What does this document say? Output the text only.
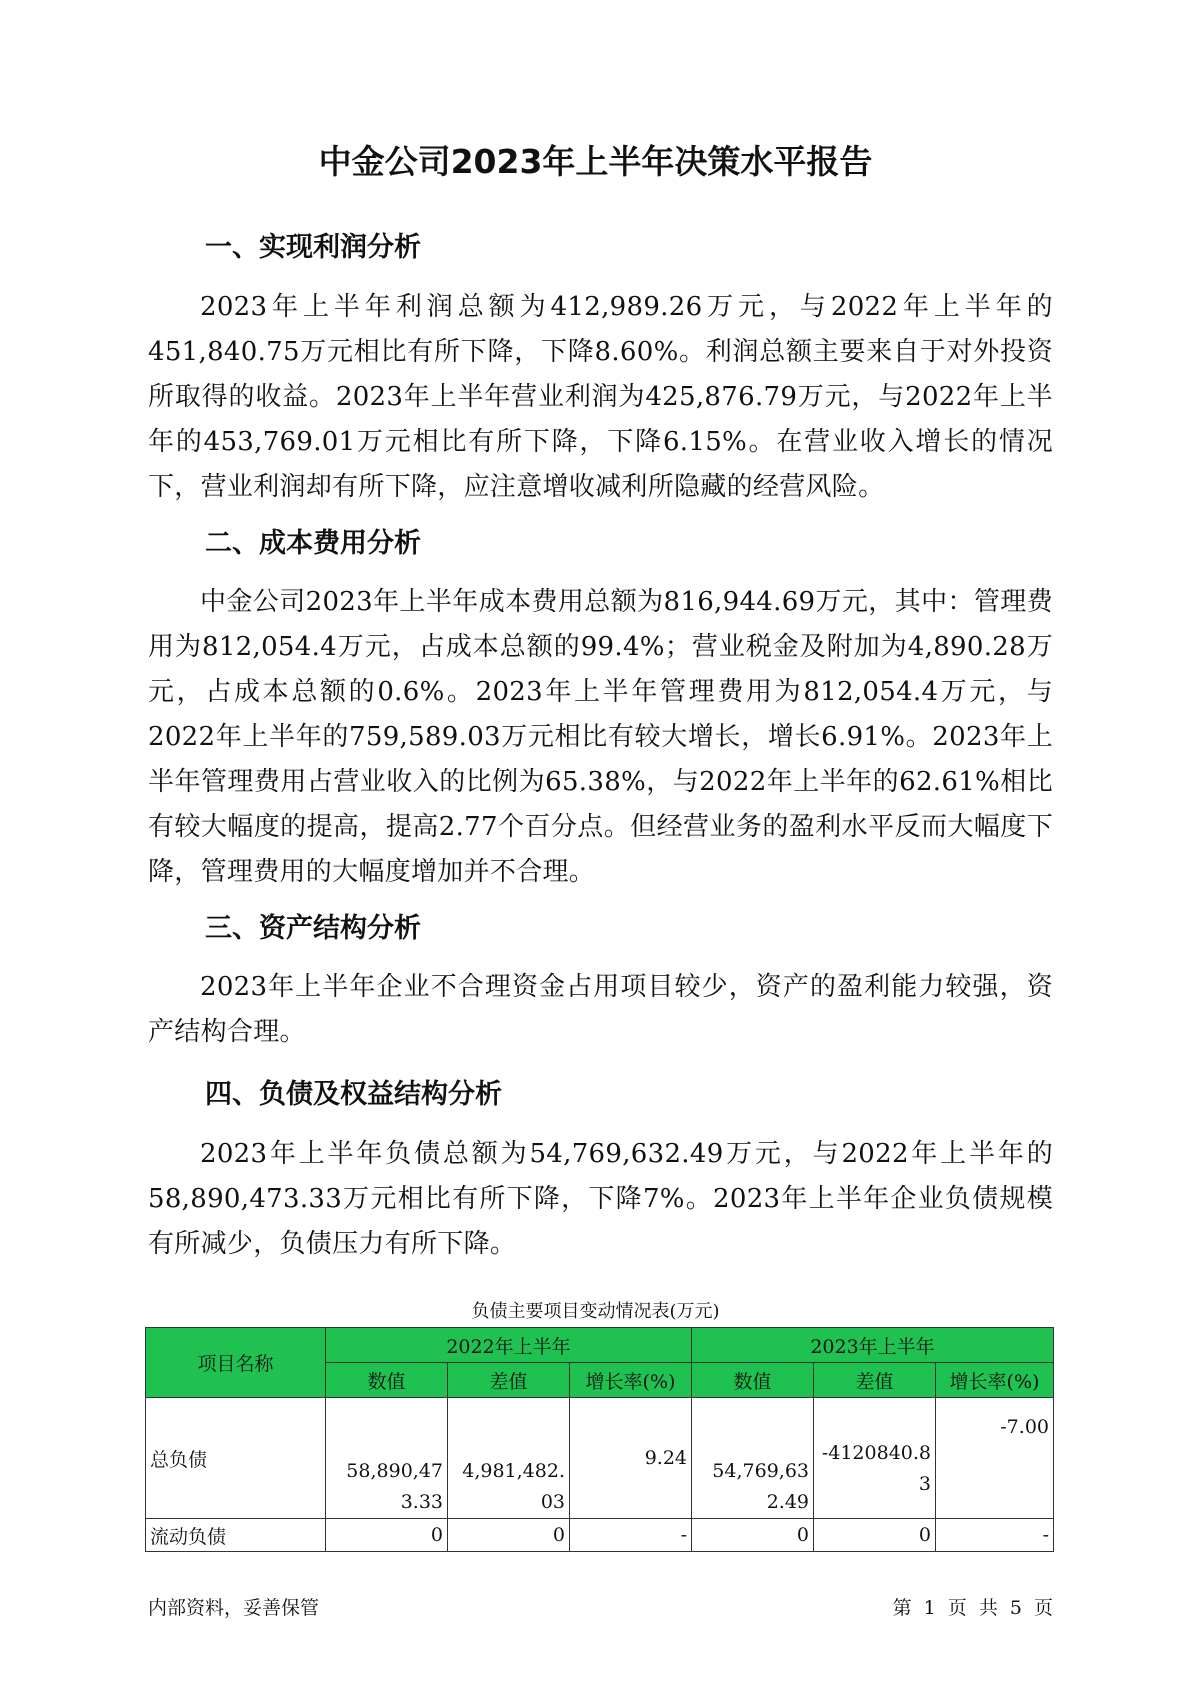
中金公司2023年上半年决策水平报告
一、实现利润分析

2023年上半年利润总额为412,989.26万元，与2022年上半年的451,840.75万元相比有所下降，下降8.60%。利润总额主要来自于对外投资所取得的收益。2023年上半年营业利润为425,876.79万元，与2022年上半年的453,769.01万元相比有所下降，下降6.15%。在营业收入增长的情况下，营业利润却有所下降，应注意增收减利所隐藏的经营风险。

二、成本费用分析

中金公司2023年上半年成本费用总额为816,944.69万元，其中：管理费用为812,054.4万元，占成本总额的99.4%；营业税金及附加为4,890.28万元，占成本总额的0.6%。2023年上半年管理费用为812,054.4万元，与2022年上半年的759,589.03万元相比有较大增长，增长6.91%。2023年上半年管理费用占营业收入的比例为65.38%，与2022年上半年的62.61%相比有较大幅度的提高，提高2.77个百分点。但经营业务的盈利水平反而大幅度下降，管理费用的大幅度增加并不合理。

三、资产结构分析

2023年上半年企业不合理资金占用项目较少，资产的盈利能力较强，资产结构合理。

四、负债及权益结构分析

2023年上半年负债总额为54,769,632.49万元，与2022年上半年的58,890,473.33万元相比有所下降，下降7%。2023年上半年企业负债规模有所减少，负债压力有所下降。

负债主要项目变动情况表(万元)
项目名称	2022年上半年			2023年上半年		
	数值	差值	增长率(%)	数值	差值	增长率(%)
总负债	58,890,473.33	4,981,482.03	9.24	54,769,632.49	-4120840.83	-7.00
流动负债	0	0	-	0	0	-
内部资料，妥善保管	第 1 页 共 5 页
